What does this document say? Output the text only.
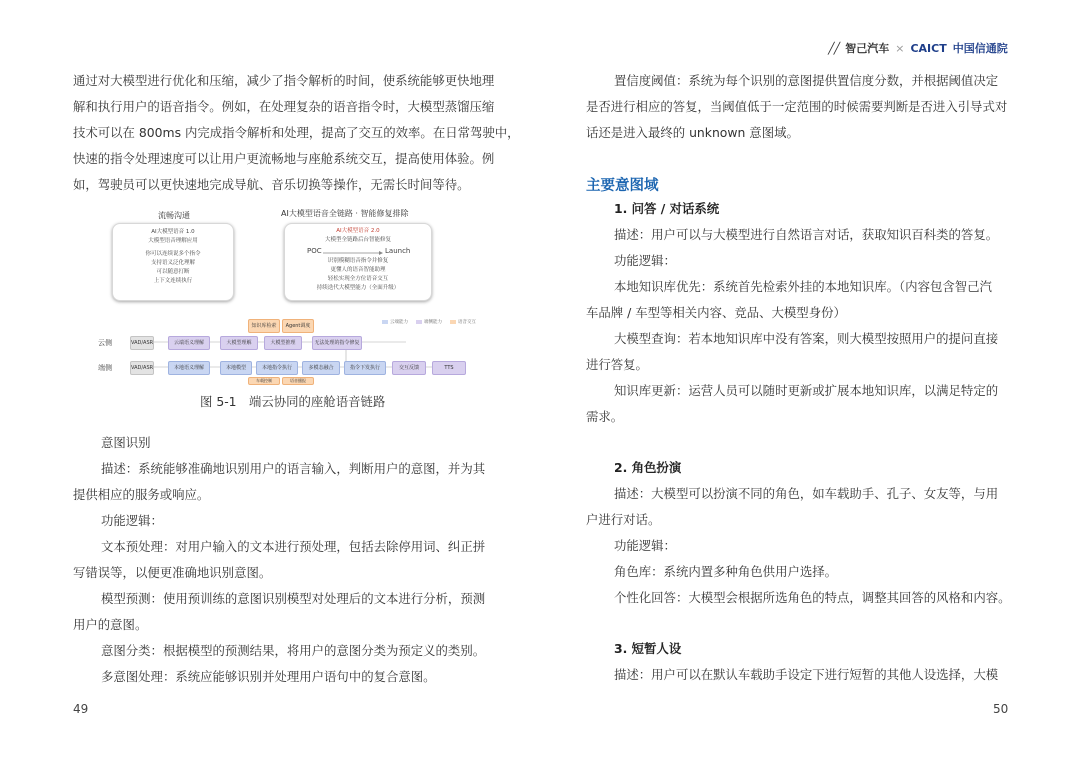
╱╱ 智己汽车 × CAICT 中国信通院

通过对大模型进行优化和压缩，减少了指令解析的时间，使系统能够更快地理

解和执行用户的语音指令。例如，在处理复杂的语音指令时，大模型蒸馏压缩

技术可以在 800ms 内完成指令解析和处理，提高了交互的效率。在日常驾驶中，

快速的指令处理速度可以让用户更流畅地与座舱系统交互，提高使用体验。例

如，驾驶员可以更快速地完成导航、音乐切换等操作，无需长时间等待。

流畅沟通	AI大模型语音全链路 · 智能修复排除
AI大模型语音 1.0
大模型语音理解应用
你可以连续说多个指令
支持语义泛化理解
可以随意打断
上下文连续执行
AI大模型语音 2.0
大模型全链路后台智能修复
POC	Launch
识别模糊语音指令并修复
更懂人的语音智能助理
轻松实现全方位语音交互
持续迭代大模型能力（全面升级）
云端能力	端侧能力	语音交互
知识库检索	Agent调度
云侧
端侧
VAD/ASR	云端语义理解	大模型理解	大模型推理	无法处理的指令修复
VAD/ASR	本地语义理解	本地模型	本地指令执行	多模态融合	指令下发执行	交互反馈	TTS
车载控制	语音播报
图 5-1　端云协同的座舱语音链路

意图识别

描述：系统能够准确地识别用户的语言输入，判断用户的意图，并为其

提供相应的服务或响应。

功能逻辑：

文本预处理：对用户输入的文本进行预处理，包括去除停用词、纠正拼

写错误等，以便更准确地识别意图。

模型预测：使用预训练的意图识别模型对处理后的文本进行分析，预测

用户的意图。

意图分类：根据模型的预测结果，将用户的意图分类为预定义的类别。

多意图处理：系统应能够识别并处理用户语句中的复合意图。

49

置信度阈值：系统为每个识别的意图提供置信度分数，并根据阈值决定

是否进行相应的答复，当阈值低于一定范围的时候需要判断是否进入引导式对

话还是进入最终的 unknown 意图域。

主要意图域

1. 问答 / 对话系统

描述：用户可以与大模型进行自然语言对话，获取知识百科类的答复。

功能逻辑：

本地知识库优先：系统首先检索外挂的本地知识库。（内容包含智己汽

车品牌 / 车型等相关内容、竞品、大模型身份）

大模型查询：若本地知识库中没有答案，则大模型按照用户的提问直接

进行答复。

知识库更新：运营人员可以随时更新或扩展本地知识库，以满足特定的

需求。

2. 角色扮演

描述：大模型可以扮演不同的角色，如车载助手、孔子、女友等，与用

户进行对话。

功能逻辑：

角色库：系统内置多种角色供用户选择。

个性化回答：大模型会根据所选角色的特点，调整其回答的风格和内容。

3. 短暂人设

描述：用户可以在默认车载助手设定下进行短暂的其他人设选择，大模

50
